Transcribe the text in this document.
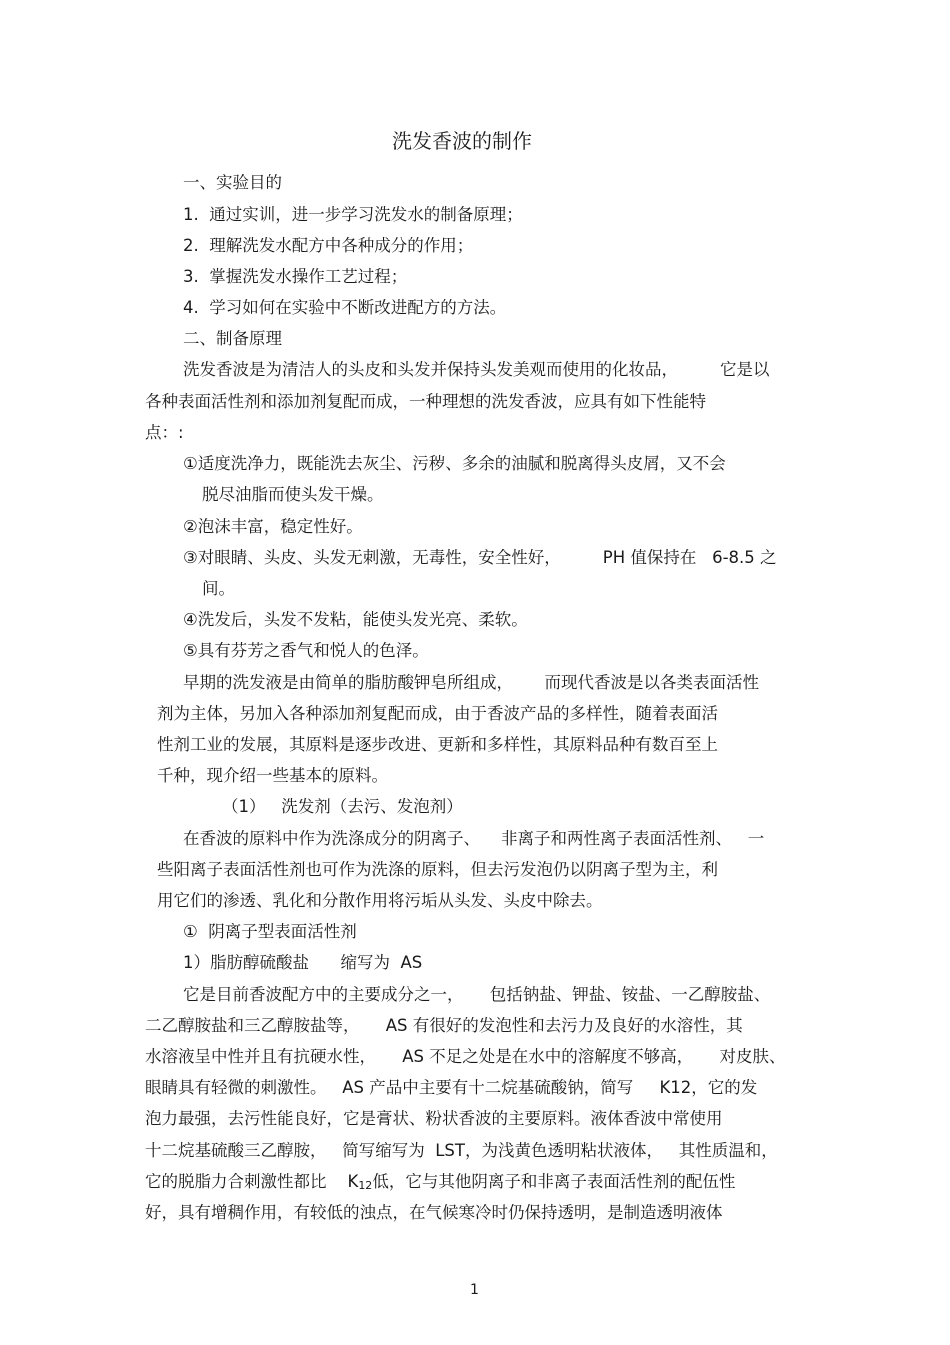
洗发香波的制作
一、实验目的
1.  通过实训，进一步学习洗发水的制备原理；
2.  理解洗发水配方中各种成分的作用；
3.  掌握洗发水操作工艺过程；
4.  学习如何在实验中不断改进配方的方法。
二、制备原理
洗发香波是为清洁人的头皮和头发并保持头发美观而使用的化妆品，        它是以
各种表面活性剂和添加剂复配而成，一种理想的洗发香波，应具有如下性能特
点：:
①适度洗净力，既能洗去灰尘、污秽、多余的油腻和脱离得头皮屑，又不会
脱尽油脂而使头发干燥。
②泡沫丰富，稳定性好。
③对眼睛、头皮、头发无刺激，无毒性，安全性好，        PH 值保持在   6-8.5 之
间。
④洗发后，头发不发粘，能使头发光亮、柔软。
⑤具有芬芳之香气和悦人的色泽。
早期的洗发液是由简单的脂肪酸钾皂所组成，      而现代香波是以各类表面活性
剂为主体，另加入各种添加剂复配而成，由于香波产品的多样性，随着表面活
性剂工业的发展，其原料是逐步改进、更新和多样性，其原料品种有数百至上
千种，现介绍一些基本的原料。
（1）   洗发剂（去污、发泡剂）
在香波的原料中作为洗涤成分的阴离子、    非离子和两性离子表面活性剂、   一
些阳离子表面活性剂也可作为洗涤的原料，但去污发泡仍以阴离子型为主，利
用它们的渗透、乳化和分散作用将污垢从头发、头皮中除去。
①  阴离子型表面活性剂
1）脂肪醇硫酸盐      缩写为  AS
它是目前香波配方中的主要成分之一，     包括钠盐、钾盐、铵盐、一乙醇胺盐、
二乙醇胺盐和三乙醇胺盐等，     AS 有很好的发泡性和去污力及良好的水溶性，其
水溶液呈中性并且有抗硬水性，     AS 不足之处是在水中的溶解度不够高，     对皮肤、
眼睛具有轻微的刺激性。   AS 产品中主要有十二烷基硫酸钠，简写     K12，它的发
泡力最强，去污性能良好，它是膏状、粉状香波的主要原料。液体香波中常使用
十二烷基硫酸三乙醇胺，   简写缩写为  LST，为浅黄色透明粘状液体，   其性质温和，
它的脱脂力合刺激性都比    K12低，它与其他阴离子和非离子表面活性剂的配伍性
好，具有增稠作用，有较低的浊点，在气候寒冷时仍保持透明，是制造透明液体
1
